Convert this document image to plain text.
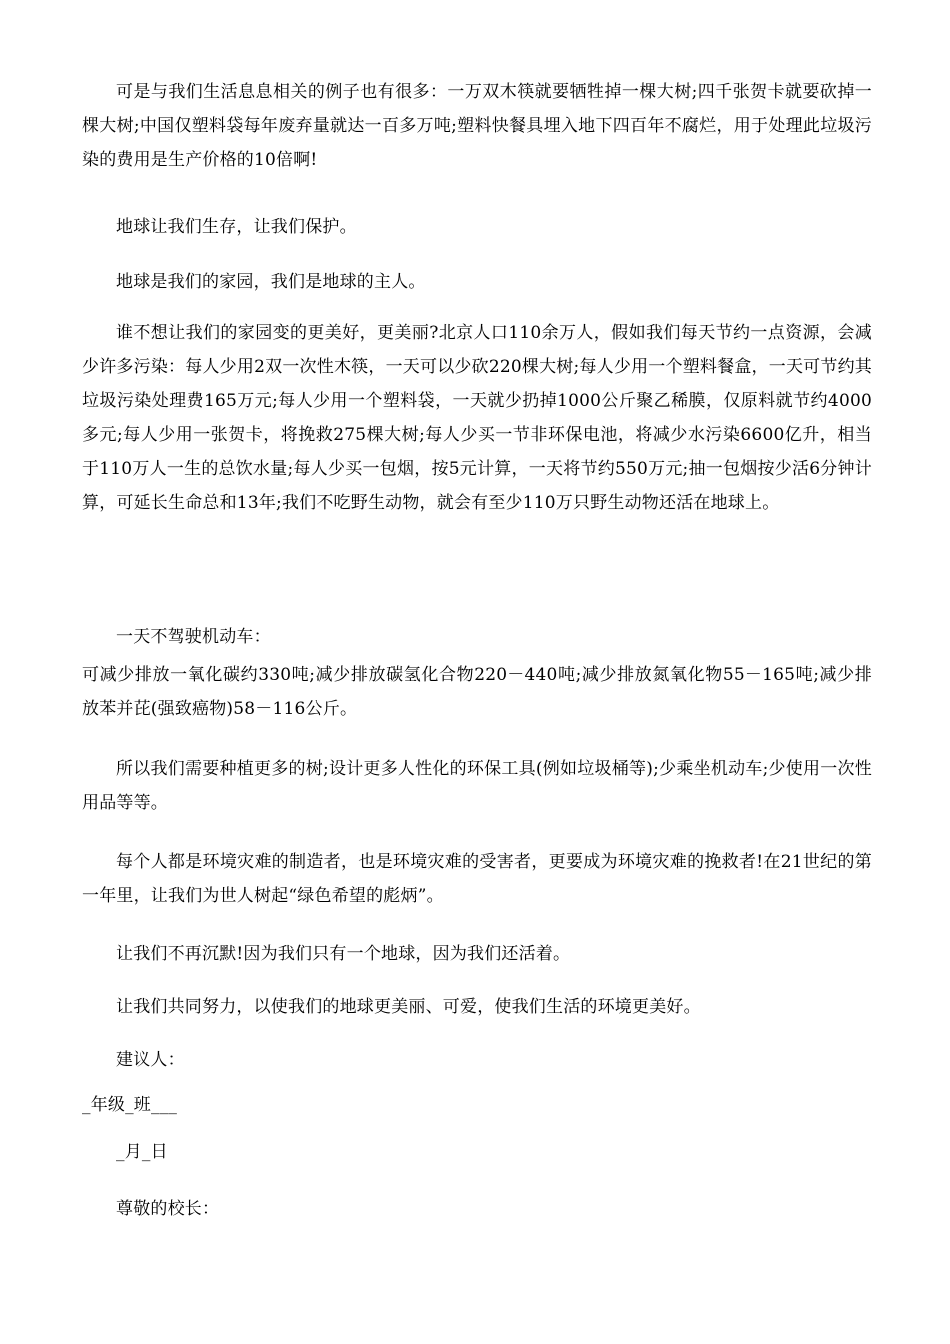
可是与我们生活息息相关的例子也有很多：一万双木筷就要牺牲掉一棵大树;四千张贺卡就要砍掉一棵大树;中国仅塑料袋每年废弃量就达一百多万吨;塑料快餐具埋入地下四百年不腐烂，用于处理此垃圾污染的费用是生产价格的10倍啊!

地球让我们生存，让我们保护。

地球是我们的家园，我们是地球的主人。

谁不想让我们的家园变的更美好，更美丽?北京人口110余万人，假如我们每天节约一点资源，会减少许多污染：每人少用2双一次性木筷，一天可以少砍220棵大树;每人少用一个塑料餐盒，一天可节约其垃圾污染处理费165万元;每人少用一个塑料袋，一天就少扔掉1000公斤聚乙稀膜，仅原料就节约4000多元;每人少用一张贺卡，将挽救275棵大树;每人少买一节非环保电池，将减少水污染6600亿升，相当于110万人一生的总饮水量;每人少买一包烟，按5元计算，一天将节约550万元;抽一包烟按少活6分钟计算，可延长生命总和13年;我们不吃野生动物，就会有至少110万只野生动物还活在地球上。

一天不驾驶机动车：

可减少排放一氧化碳约330吨;减少排放碳氢化合物220－440吨;减少排放氮氧化物55－165吨;减少排放苯并芘(强致癌物)58－116公斤。

所以我们需要种植更多的树;设计更多人性化的环保工具(例如垃圾桶等);少乘坐机动车;少使用一次性用品等等。

每个人都是环境灾难的制造者，也是环境灾难的受害者，更要成为环境灾难的挽救者!在21世纪的第一年里，让我们为世人树起“绿色希望的彪炳”。

让我们不再沉默!因为我们只有一个地球，因为我们还活着。

让我们共同努力，以使我们的地球更美丽、可爱，使我们生活的环境更美好。

建议人：

_年级_班___

_月_日

尊敬的校长：
